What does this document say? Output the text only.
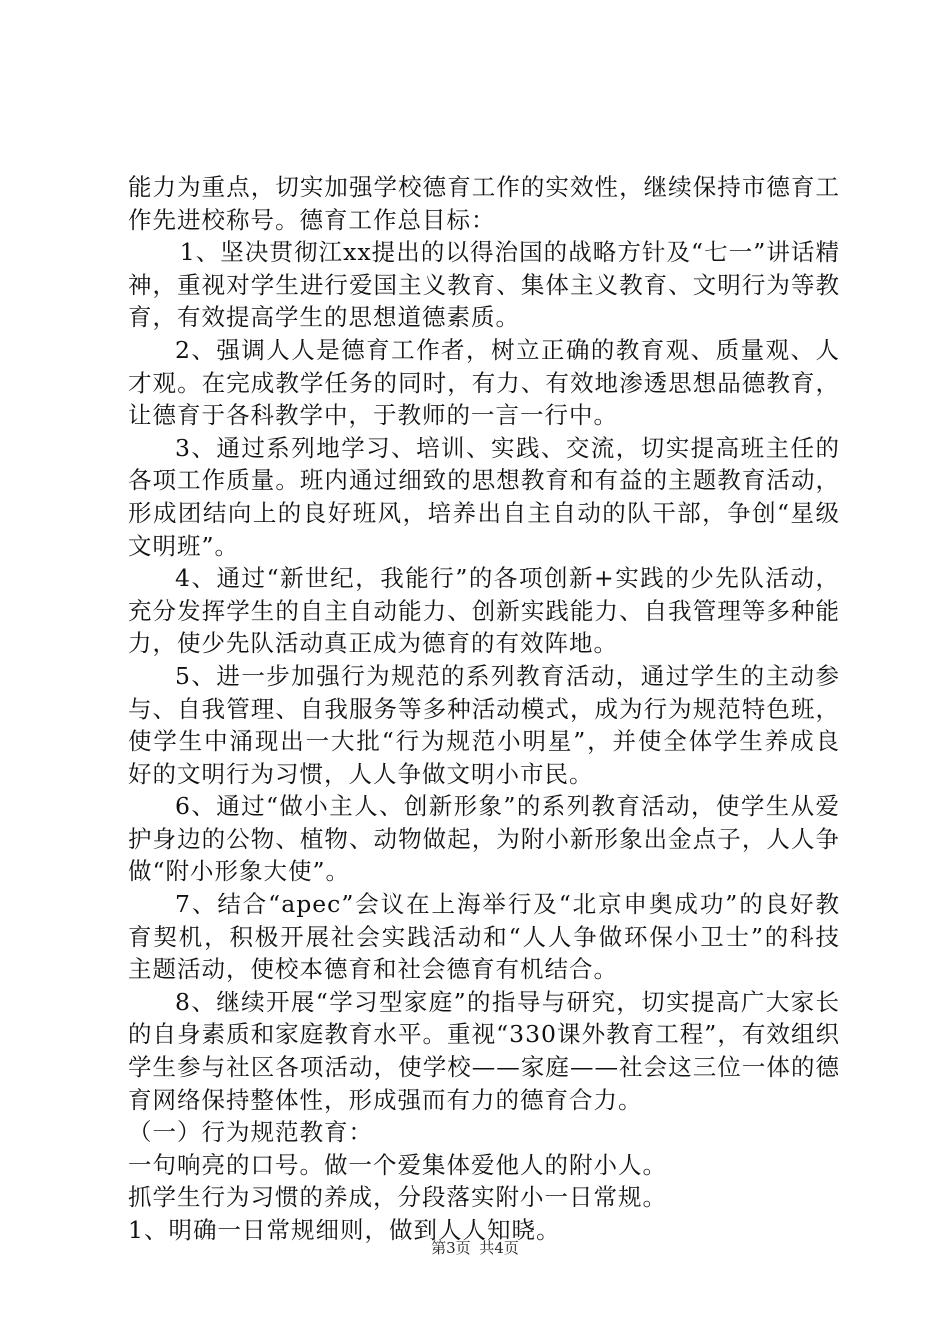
能力为重点，切实加强学校德育工作的实效性，继续保持市德育工作先进校称号。德育工作总目标：

1、坚决贯彻江xx提出的以得治国的战略方针及“七一”讲话精神，重视对学生进行爱国主义教育、集体主义教育、文明行为等教育，有效提高学生的思想道德素质。

2、强调人人是德育工作者，树立正确的教育观、质量观、人才观。在完成教学任务的同时，有力、有效地渗透思想品德教育，让德育于各科教学中，于教师的一言一行中。

3、通过系列地学习、培训、实践、交流，切实提高班主任的各项工作质量。班内通过细致的思想教育和有益的主题教育活动，形成团结向上的良好班风，培养出自主自动的队干部，争创“星级文明班”。

4、通过“新世纪，我能行”的各项创新+实践的少先队活动，充分发挥学生的自主自动能力、创新实践能力、自我管理等多种能力，使少先队活动真正成为德育的有效阵地。

5、进一步加强行为规范的系列教育活动，通过学生的主动参与、自我管理、自我服务等多种活动模式，成为行为规范特色班，使学生中涌现出一大批“行为规范小明星”，并使全体学生养成良好的文明行为习惯，人人争做文明小市民。

6、通过“做小主人、创新形象”的系列教育活动，使学生从爱护身边的公物、植物、动物做起，为附小新形象出金点子，人人争做“附小形象大使”。

7、结合“apec”会议在上海举行及“北京申奥成功”的良好教育契机，积极开展社会实践活动和“人人争做环保小卫士”的科技主题活动，使校本德育和社会德育有机结合。

8、继续开展“学习型家庭”的指导与研究，切实提高广大家长的自身素质和家庭教育水平。重视“330课外教育工程”，有效组织学生参与社区各项活动，使学校——家庭——社会这三位一体的德育网络保持整体性，形成强而有力的德育合力。

（一）行为规范教育：

一句响亮的口号。做一个爱集体爱他人的附小人。

抓学生行为习惯的养成，分段落实附小一日常规。

1、明确一日常规细则，做到人人知晓。

第3页 共4页
